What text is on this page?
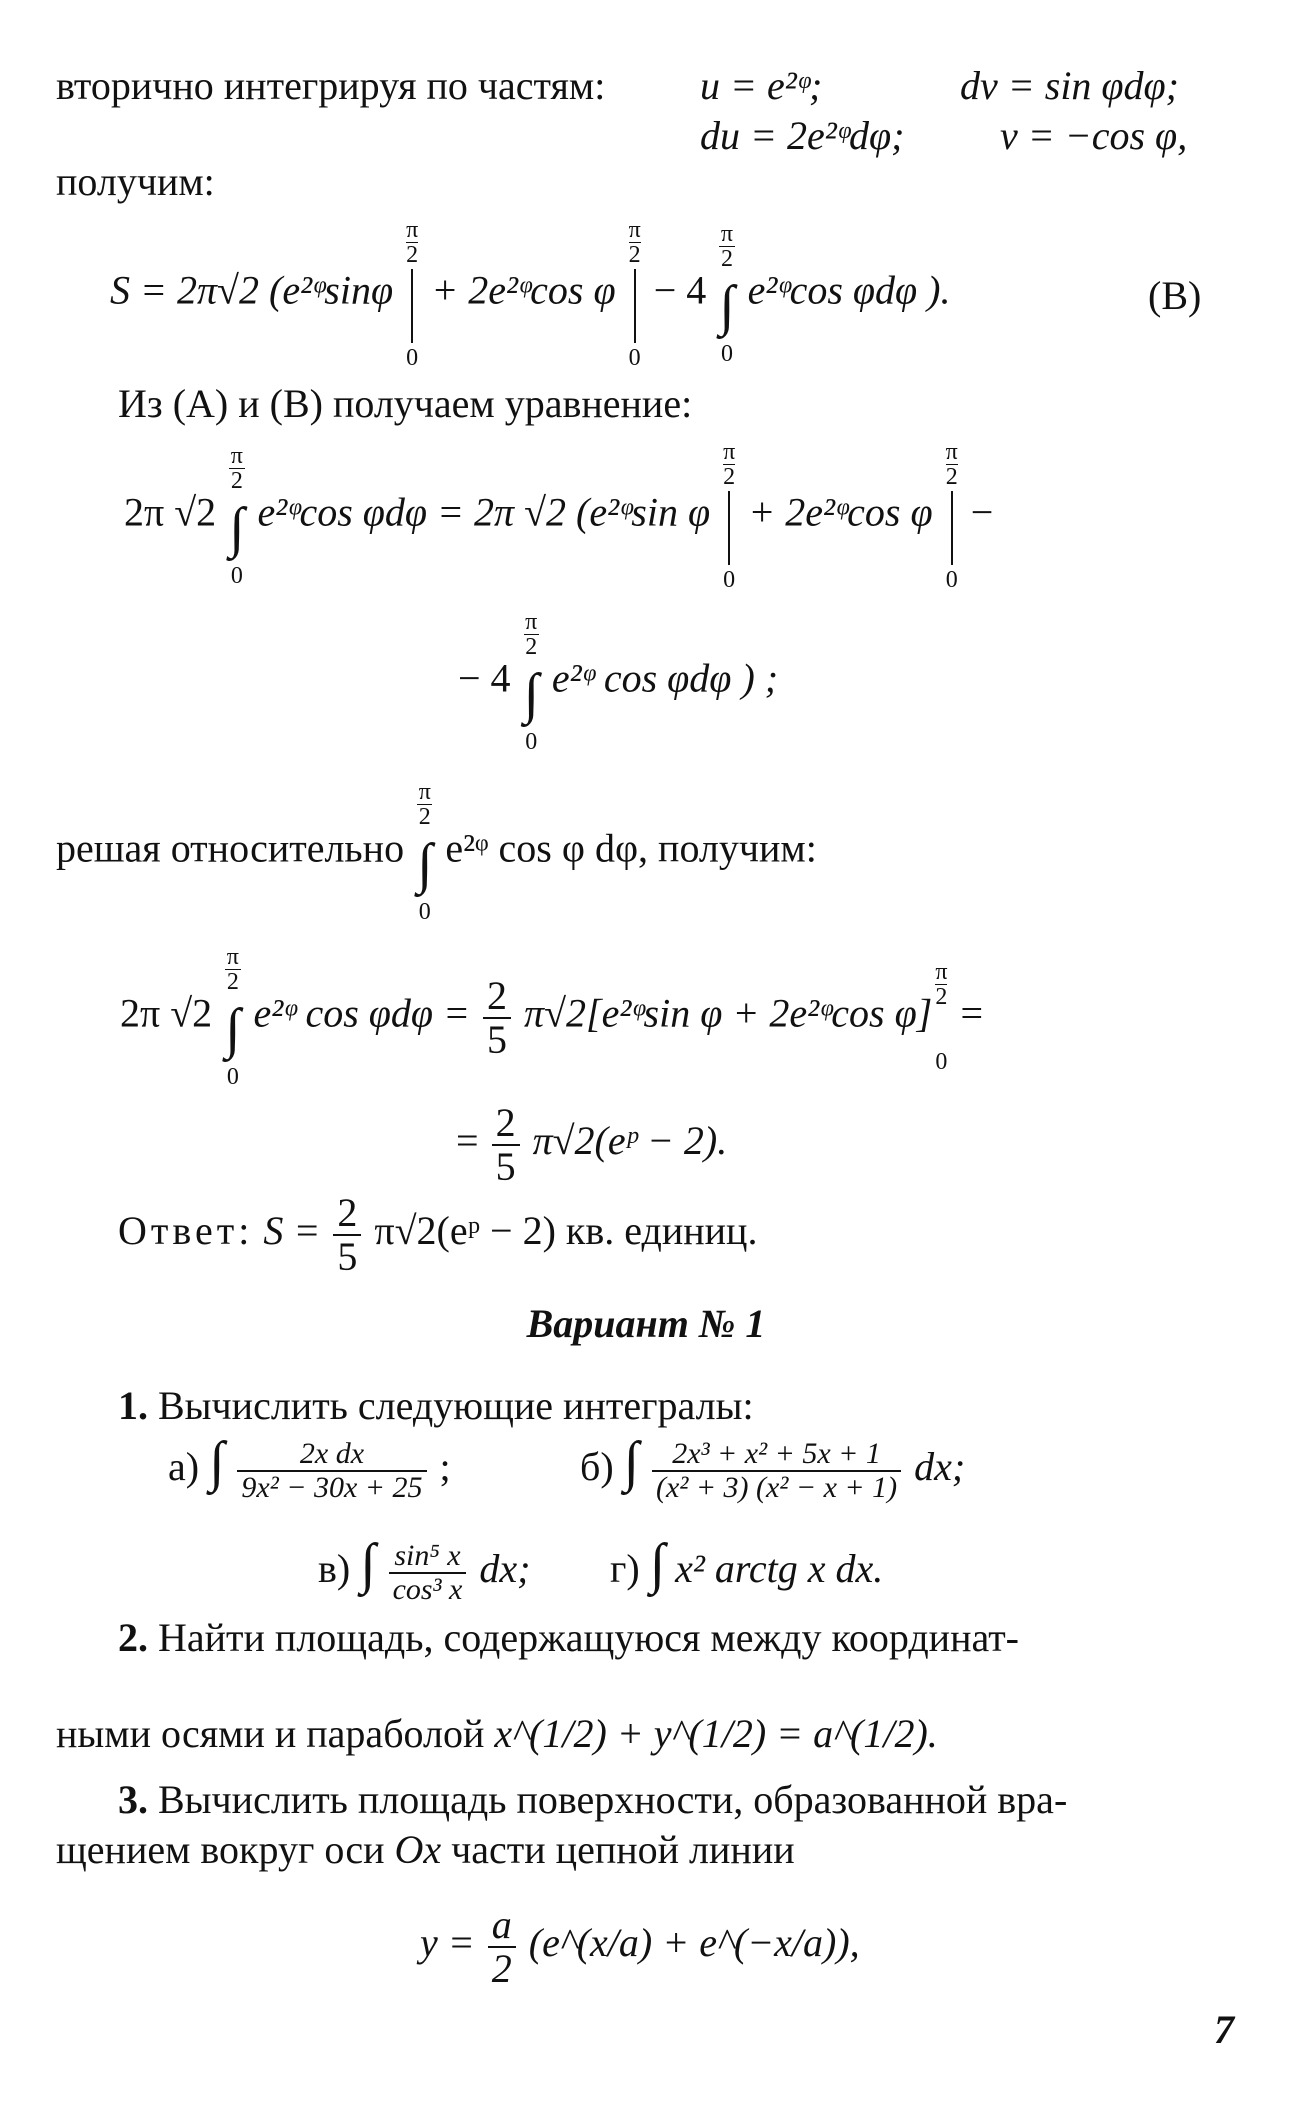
вторично интегрируя по частям: u = e²ᵠ;	dv = sin φdφ;
du = 2e²ᵠdφ; v = −cos φ,
получим:
S = 2π√2 (e²ᵠsinφ
π
2
0
+ 2e²ᵠcos φ
π
2
0
− 4
π
2
∫
0
e²ᵠcos φdφ ).	(B)
Из (A) и (B) получаем уравнение:
2π √2
π
2
∫
0
e²ᵠcos φdφ = 2π √2 (e²ᵠsin φ
π
2
0
+ 2e²ᵠcos φ
π
2
0
−
− 4
π
2
∫
0
e²ᵠ cos φdφ ) ;
решая относительно
π
2
∫
0
e²ᵠ cos φ dφ, получим:
2π √2
π
2
∫
0
e²ᵠ $\cos \varphi d\varphi = \frac{2}{5}$ π√2[e²ᵠsin φ + 2e²ᵠcos φ]
π
2
0
=
= $\frac{2}{5}$ π√2(eᵖ − 2).
Ответ: $S = \frac{2}{5}$ π√2(eᵖ − 2) кв. единиц.
Вариант № 1
1. Вычислить следующие интегралы:
а) ∫ $\frac{\text{2x dx}}{\text{9x² − 30x + 25}}$ ;	б) ∫ $\frac{\text{2x³ + x² + 5x + 1}}{\text{(x² + 3) (x² − x + 1)}}$ dx;
в) ∫ $\frac{\text{sin⁵ x}}{\text{cos³ x}}$ dx; г) ∫ x² arctg x dx.
2. Найти площадь, содержащуюся между координат-
ными осями и параболой x^(1/2) + y^(1/2) = a^(1/2).
3. Вычислить площадь поверхности, образованной вра-
щением вокруг оси Ox части цепной линии
$y = \frac{a}{2}$ (e^(x/a) + e^(−x/a)),
7
